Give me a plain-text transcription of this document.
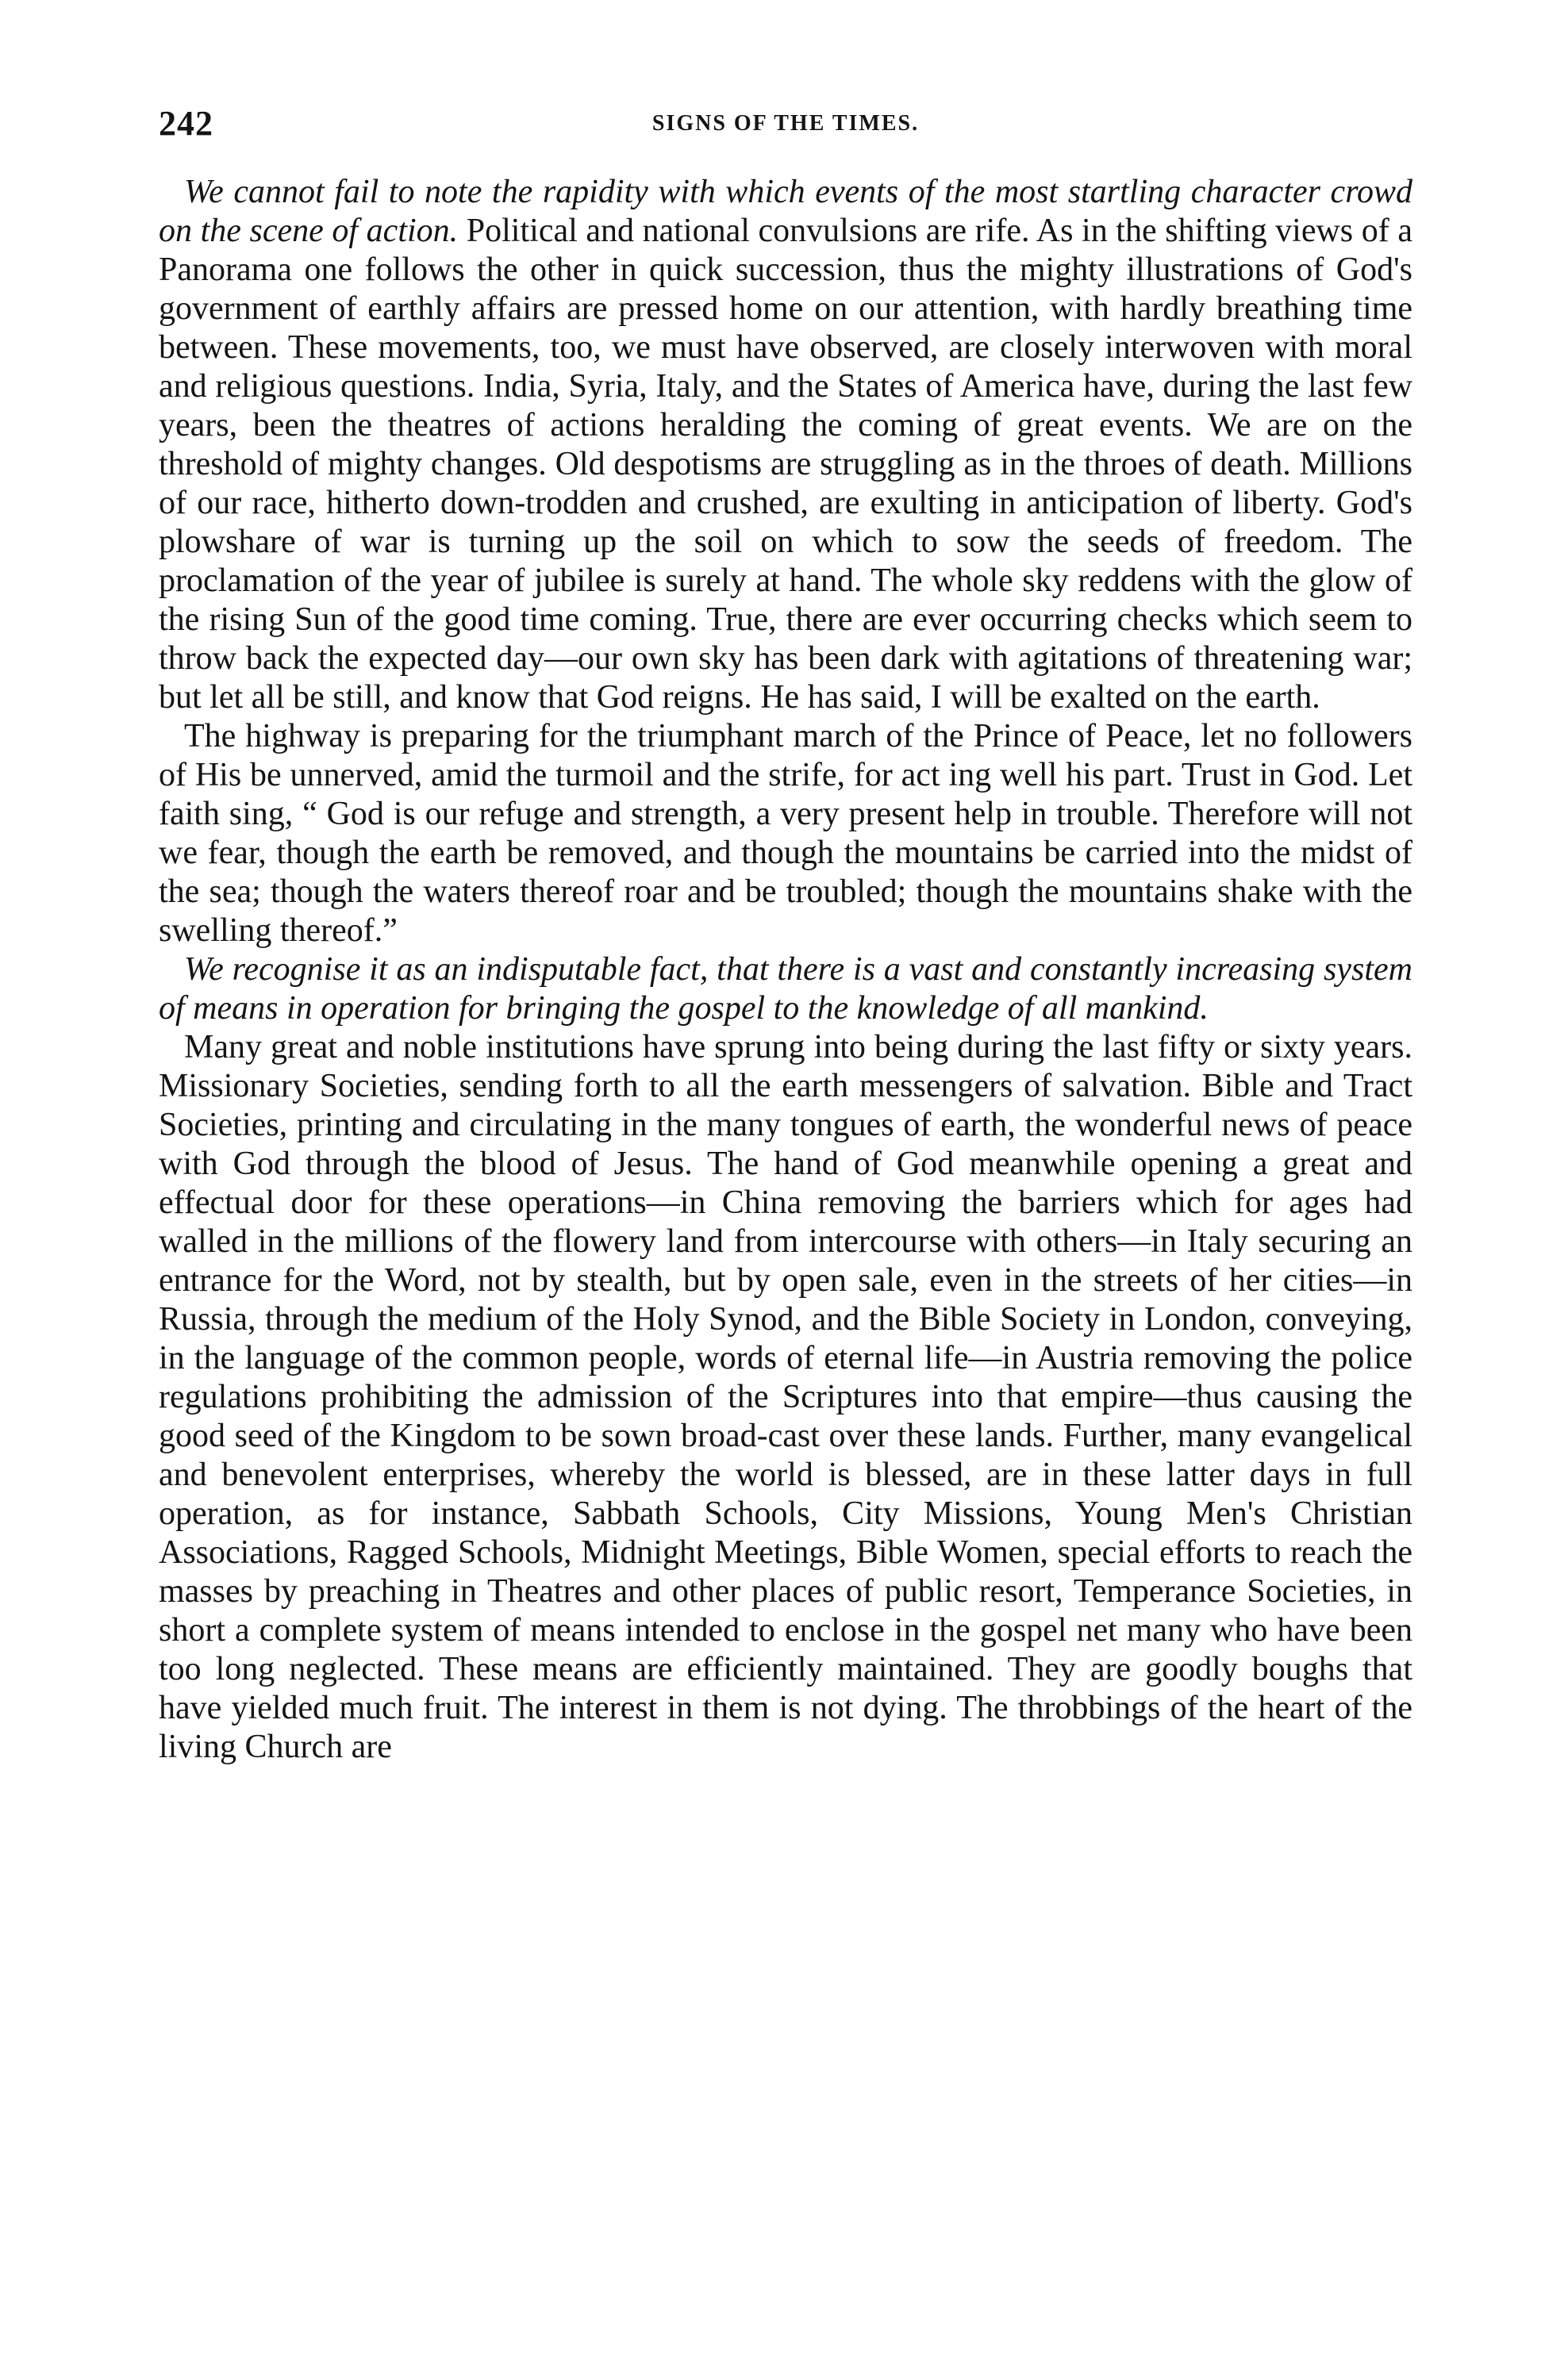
242	SIGNS OF THE TIMES.

We cannot fail to note the rapidity with which events of the most startling character crowd on the scene of action. Political and national convulsions are rife. As in the shifting views of a Panorama one follows the other in quick succession, thus the mighty illustrations of God's government of earthly affairs are pressed home on our attention, with hardly breathing time between. These movements, too, we must have observed, are closely interwoven with moral and religious questions. India, Syria, Italy, and the States of America have, during the last few years, been the theatres of actions heralding the coming of great events. We are on the threshold of mighty changes. Old despotisms are struggling as in the throes of death. Millions of our race, hitherto down-trodden and crushed, are exulting in anticipation of liberty. God's plowshare of war is turning up the soil on which to sow the seeds of freedom. The proclamation of the year of jubilee is surely at hand. The whole sky reddens with the glow of the rising Sun of the good time coming. True, there are ever occurring checks which seem to throw back the expected day—our own sky has been dark with agitations of threatening war; but let all be still, and know that God reigns. He has said, I will be exalted on the earth.

The highway is preparing for the triumphant march of the Prince of Peace, let no followers of His be unnerved, amid the turmoil and the strife, for act ing well his part. Trust in God. Let faith sing, “ God is our refuge and strength, a very present help in trouble. Therefore will not we fear, though the earth be removed, and though the mountains be carried into the midst of the sea; though the waters thereof roar and be troubled; though the mountains shake with the swelling thereof.”

We recognise it as an indisputable fact, that there is a vast and constantly increasing system of means in operation for bringing the gospel to the knowledge of all mankind.

Many great and noble institutions have sprung into being during the last fifty or sixty years. Missionary Societies, sending forth to all the earth messengers of salvation. Bible and Tract Societies, printing and circulating in the many tongues of earth, the wonderful news of peace with God through the blood of Jesus. The hand of God meanwhile opening a great and effectual door for these operations—in China removing the barriers which for ages had walled in the millions of the flowery land from intercourse with others—in Italy securing an entrance for the Word, not by stealth, but by open sale, even in the streets of her cities—in Russia, through the medium of the Holy Synod, and the Bible Society in London, conveying, in the language of the common people, words of eternal life—in Austria removing the police regulations prohibiting the admission of the Scriptures into that empire—thus causing the good seed of the Kingdom to be sown broad-cast over these lands. Further, many evangelical and benevolent enterprises, whereby the world is blessed, are in these latter days in full operation, as for instance, Sabbath Schools, City Missions, Young Men's Christian Associations, Ragged Schools, Midnight Meetings, Bible Women, special efforts to reach the masses by preaching in Theatres and other places of public resort, Temperance Societies, in short a complete system of means intended to enclose in the gospel net many who have been too long neglected. These means are efficiently maintained. They are goodly boughs that have yielded much fruit. The interest in them is not dying. The throbbings of the heart of the living Church are
